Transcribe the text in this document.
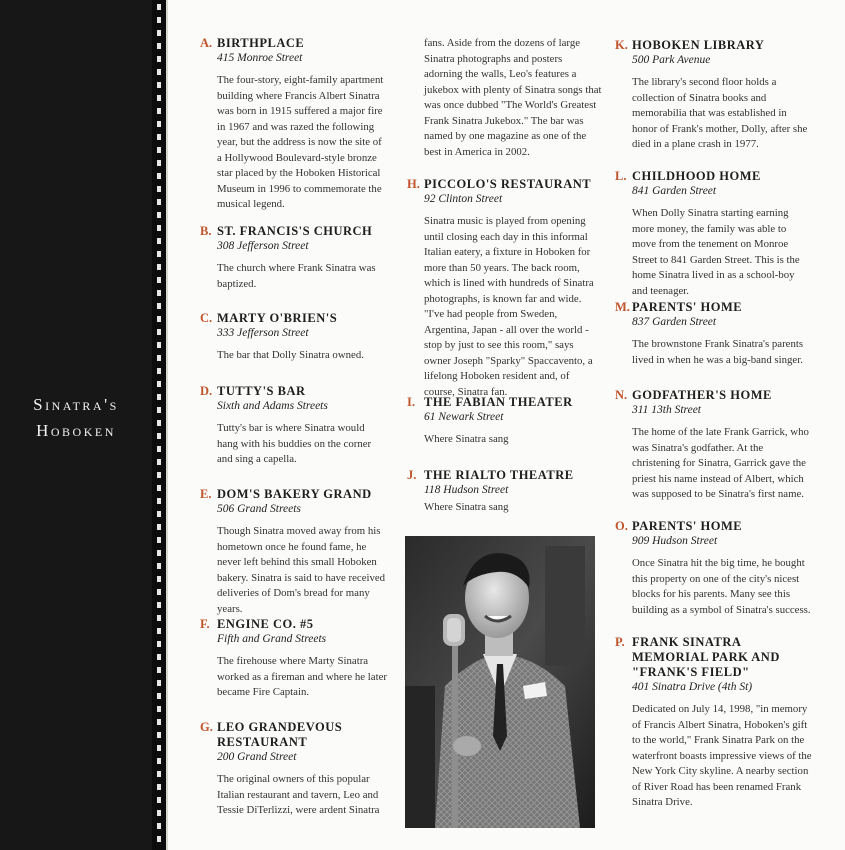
Sinatra's
Hoboken
A. BIRTHPLACE
415 Monroe Street
The four-story, eight-family apartment building where Francis Albert Sinatra was born in 1915 suffered a major fire in 1967 and was razed the following year, but the address is now the site of a Hollywood Boulevard-style bronze star placed by the Hoboken Historical Museum in 1996 to commemorate the musical legend.
B. ST. FRANCIS'S CHURCH
308 Jefferson Street
The church where Frank Sinatra was baptized.
C. MARTY O'BRIEN'S
333 Jefferson Street
The bar that Dolly Sinatra owned.
D. TUTTY'S BAR
Sixth and Adams Streets
Tutty's bar is where Sinatra would hang with his buddies on the corner and sing a capella.
E. DOM'S BAKERY GRAND
506 Grand Streets
Though Sinatra moved away from his hometown once he found fame, he never left behind this small Hoboken bakery. Sinatra is said to have received deliveries of Dom's bread for many years.
F. ENGINE CO. #5
Fifth and Grand Streets
The firehouse where Marty Sinatra worked as a fireman and where he later became Fire Captain.
G. LEO GRANDEVOUS
RESTAURANT
200 Grand Street
The original owners of this popular Italian restaurant and tavern, Leo and Tessie DiTerlizzi, were ardent Sinatra
fans. Aside from the dozens of large Sinatra photographs and posters adorning the walls, Leo's features a jukebox with plenty of Sinatra songs that was once dubbed "The World's Greatest Frank Sinatra Jukebox." The bar was named by one magazine as one of the best in America in 2002.
H. PICCOLO'S RESTAURANT
92 Clinton Street
Sinatra music is played from opening until closing each day in this informal Italian eatery, a fixture in Hoboken for more than 50 years. The back room, which is lined with hundreds of Sinatra photographs, is known far and wide. "I've had people from Sweden, Argentina, Japan - all over the world - stop by just to see this room," says owner Joseph "Sparky" Spaccavento, a lifelong Hoboken resident and, of course, Sinatra fan.
I. THE FABIAN THEATER
61 Newark Street
Where Sinatra sang
J. THE RIALTO THEATRE
118 Hudson Street
Where Sinatra sang
K. HOBOKEN LIBRARY
500 Park Avenue
The library's second floor holds a collection of Sinatra books and memorabilia that was established in honor of Frank's mother, Dolly, after she died in a plane crash in 1977.
L. CHILDHOOD HOME
841 Garden Street
When Dolly Sinatra starting earning more money, the family was able to move from the tenement on Monroe Street to 841 Garden Street. This is the home Sinatra lived in as a school-boy and teenager.
M. PARENTS' HOME
837 Garden Street
The brownstone Frank Sinatra's parents lived in when he was a big-band singer.
N. GODFATHER'S HOME
311 13th Street
The home of the late Frank Garrick, who was Sinatra's godfather. At the christening for Sinatra, Garrick gave the priest his name instead of Albert, which was supposed to be Sinatra's first name.
O. PARENTS' HOME
909 Hudson Street
Once Sinatra hit the big time, he bought this property on one of the city's nicest blocks for his parents. Many see this building as a symbol of Sinatra's success.
P. FRANK SINATRA
MEMORIAL PARK AND
"FRANK'S FIELD"
401 Sinatra Drive (4th St)
Dedicated on July 14, 1998, "in memory of Francis Albert Sinatra, Hoboken's gift to the world," Frank Sinatra Park on the waterfront boasts impressive views of the New York City skyline. A nearby section of River Road has been renamed Frank Sinatra Drive.
